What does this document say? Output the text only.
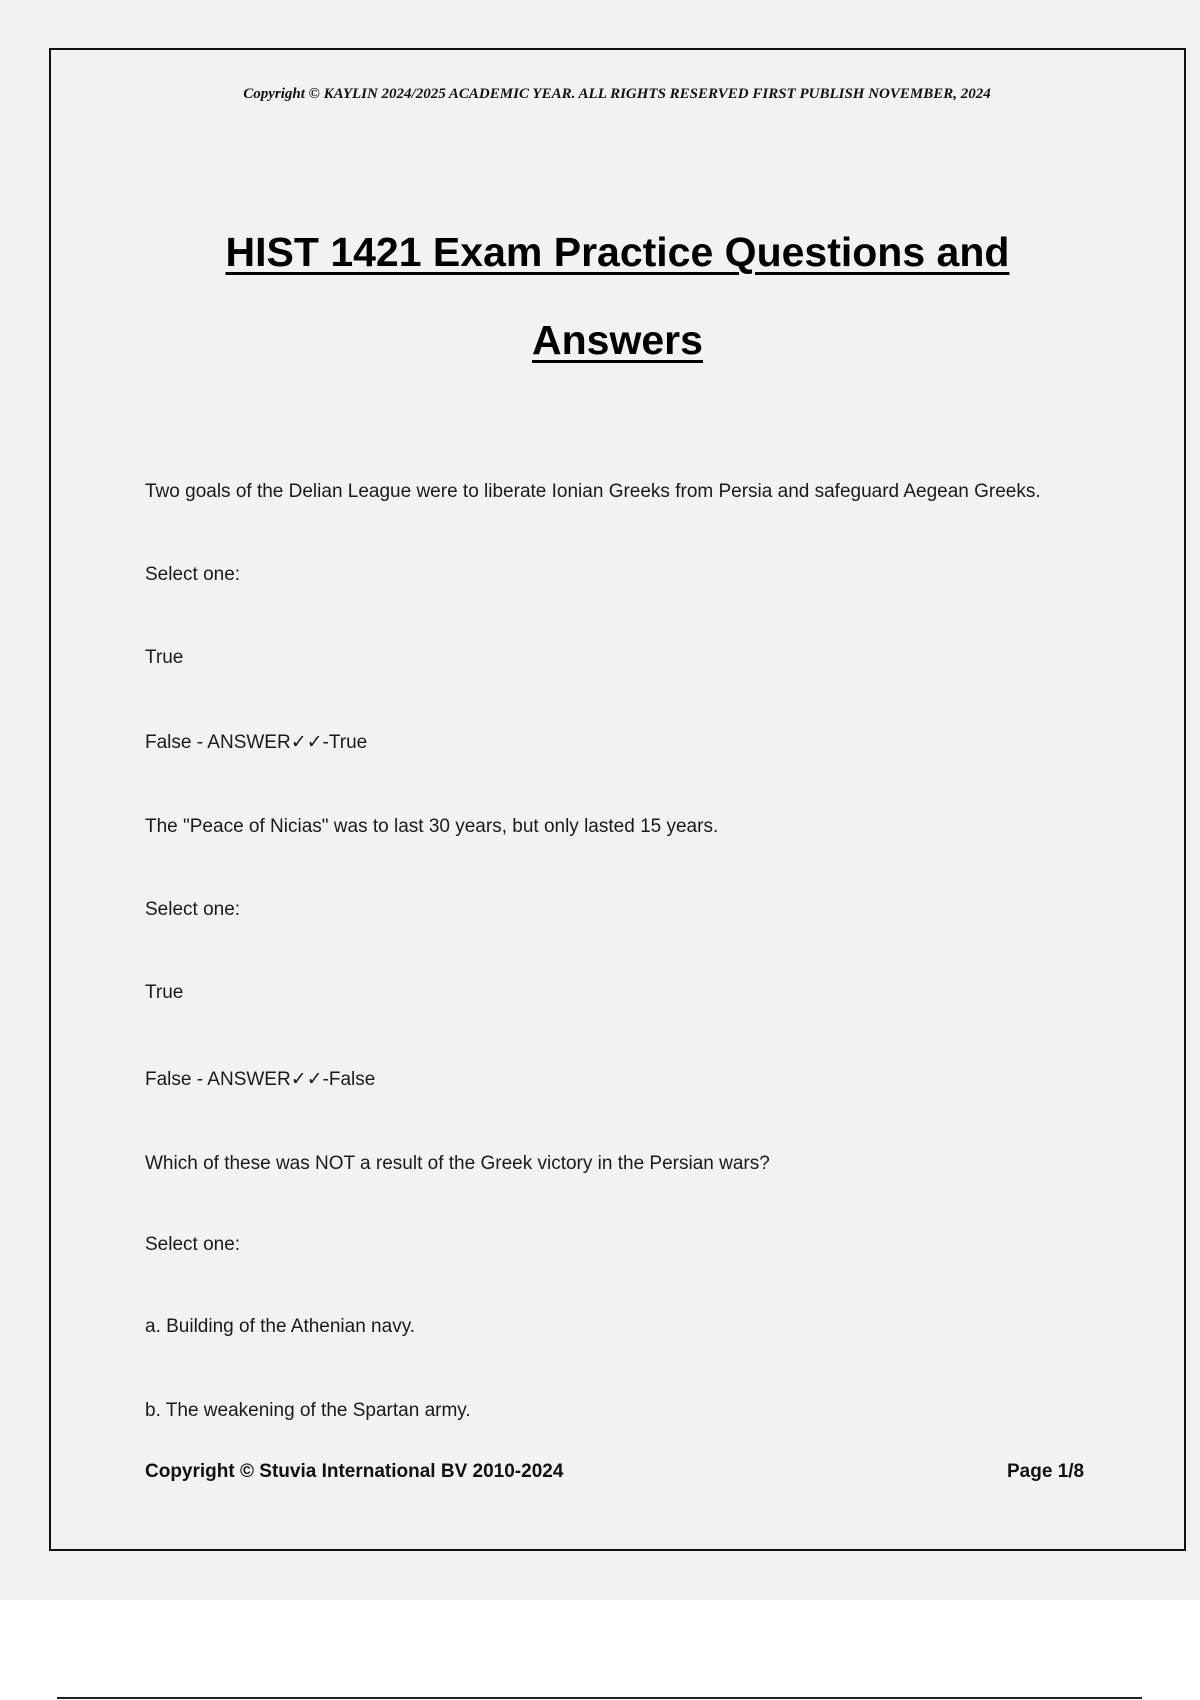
Copyright © KAYLIN 2024/2025 ACADEMIC YEAR. ALL RIGHTS RESERVED FIRST PUBLISH NOVEMBER, 2024
HIST 1421 Exam Practice Questions and
Answers
Two goals of the Delian League were to liberate Ionian Greeks from Persia and safeguard Aegean Greeks.
Select one:
True
False - ANSWER✓✓-True
The "Peace of Nicias" was to last 30 years, but only lasted 15 years.
Select one:
True
False - ANSWER✓✓-False
Which of these was NOT a result of the Greek victory in the Persian wars?
Select one:
a. Building of the Athenian navy.
b. The weakening of the Spartan army.
Copyright © Stuvia International BV 2010-2024	Page 1/8
